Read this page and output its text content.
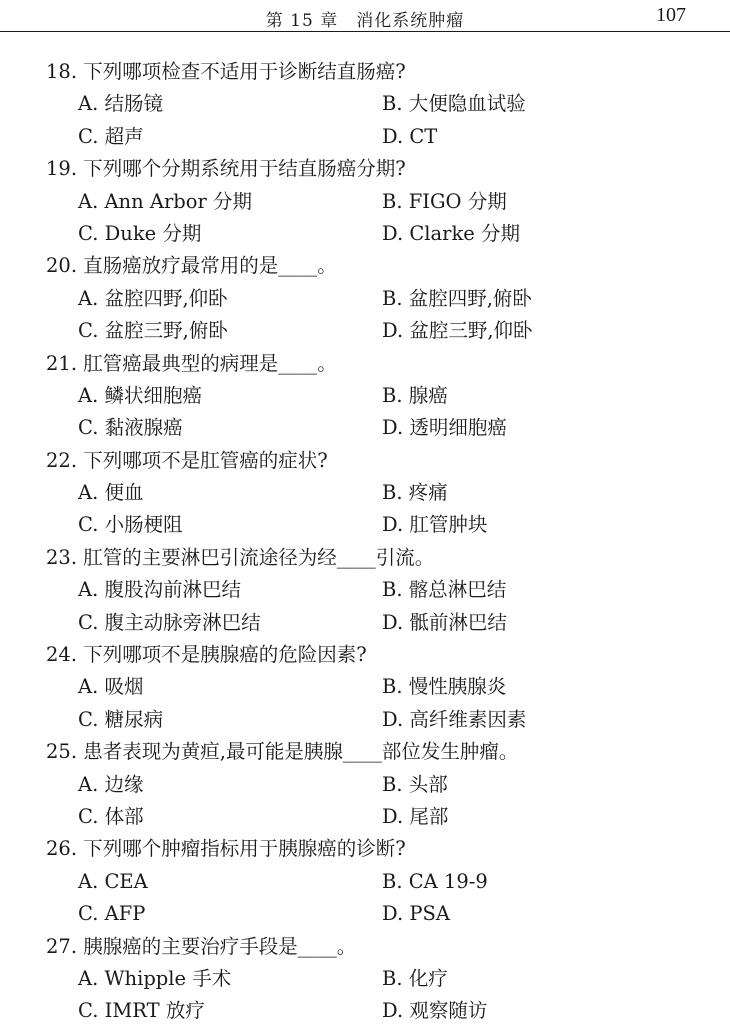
第 15 章　消化系统肿瘤	107
18. 下列哪项检查不适用于诊断结直肠癌?
A. 结肠镜	B. 大便隐血试验
C. 超声	D. CT
19. 下列哪个分期系统用于结直肠癌分期?
A. Ann Arbor 分期	B. FIGO 分期
C. Duke 分期	D. Clarke 分期
20. 直肠癌放疗最常用的是____。
A. 盆腔四野,仰卧	B. 盆腔四野,俯卧
C. 盆腔三野,俯卧	D. 盆腔三野,仰卧
21. 肛管癌最典型的病理是____。
A. 鳞状细胞癌	B. 腺癌
C. 黏液腺癌	D. 透明细胞癌
22. 下列哪项不是肛管癌的症状?
A. 便血	B. 疼痛
C. 小肠梗阻	D. 肛管肿块
23. 肛管的主要淋巴引流途径为经____引流。
A. 腹股沟前淋巴结	B. 髂总淋巴结
C. 腹主动脉旁淋巴结	D. 骶前淋巴结
24. 下列哪项不是胰腺癌的危险因素?
A. 吸烟	B. 慢性胰腺炎
C. 糖尿病	D. 高纤维素因素
25. 患者表现为黄疸,最可能是胰腺____部位发生肿瘤。
A. 边缘	B. 头部
C. 体部	D. 尾部
26. 下列哪个肿瘤指标用于胰腺癌的诊断?
A. CEA	B. CA 19-9
C. AFP	D. PSA
27. 胰腺癌的主要治疗手段是____。
A. Whipple 手术	B. 化疗
C. IMRT 放疗	D. 观察随访
